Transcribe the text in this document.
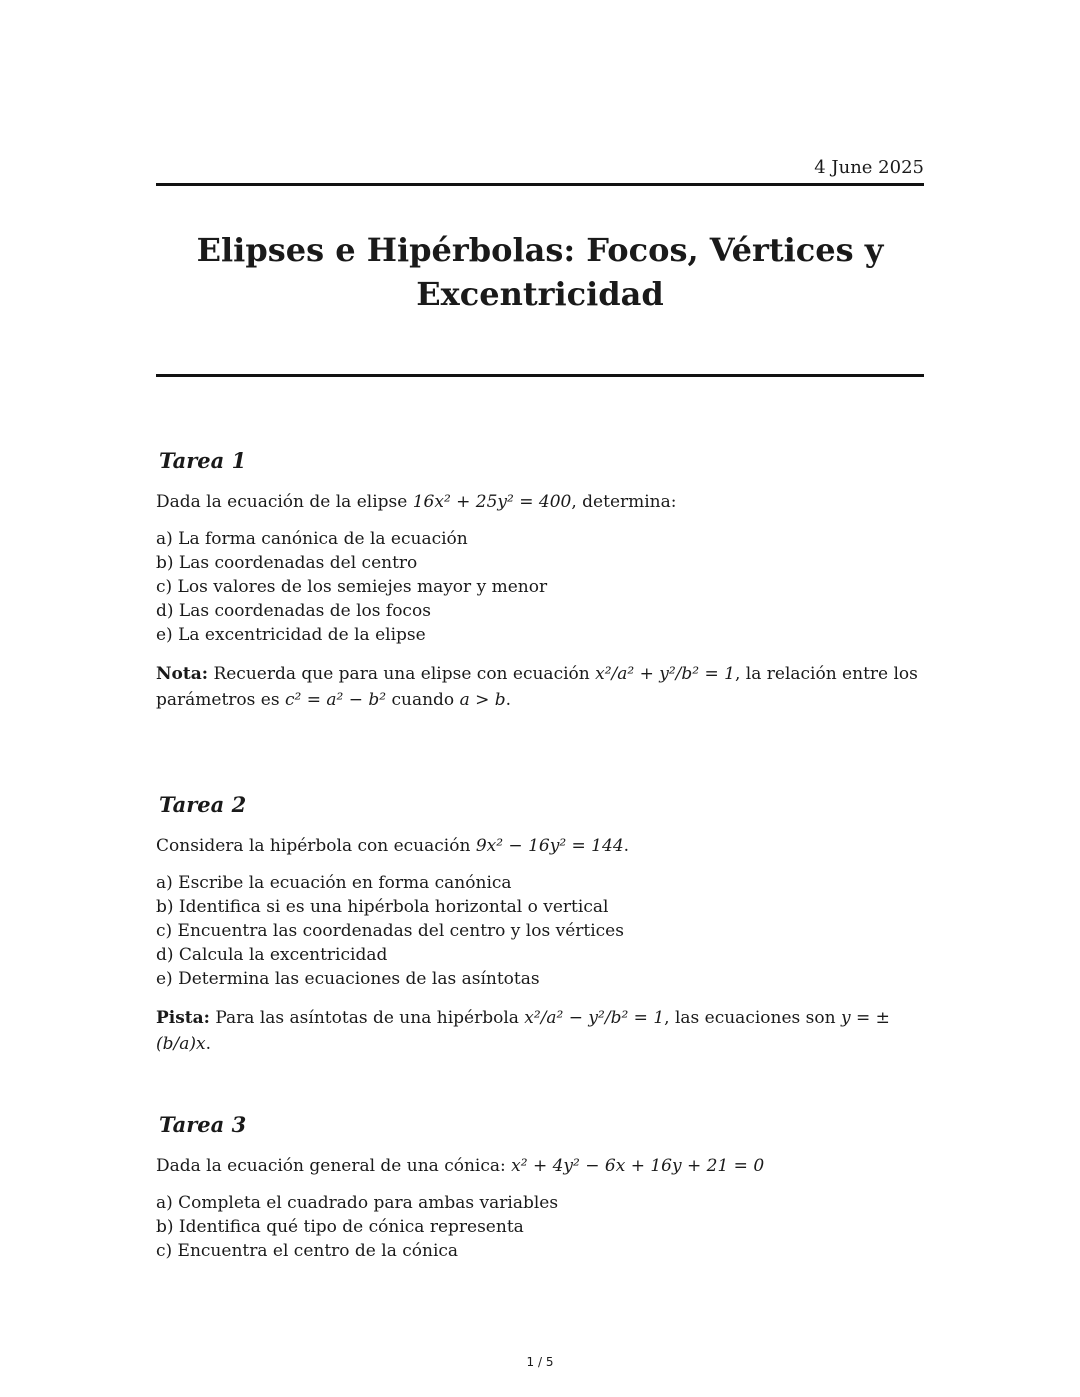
4 June 2025
Elipses e Hipérbolas: Focos, Vértices y
Excentricidad
Tarea 1

Dada la ecuación de la elipse 16x² + 25y² = 400, determina:

a) La forma canónica de la ecuación
b) Las coordenadas del centro
c) Los valores de los semiejes mayor y menor
d) Las coordenadas de los focos
e) La excentricidad de la elipse

Nota: Recuerda que para una elipse con ecuación x²/a² + y²/b² = 1, la relación entre los parámetros es c² = a² − b² cuando a > b.

Tarea 2

Considera la hipérbola con ecuación 9x² − 16y² = 144.

a) Escribe la ecuación en forma canónica
b) Identifica si es una hipérbola horizontal o vertical
c) Encuentra las coordenadas del centro y los vértices
d) Calcula la excentricidad
e) Determina las ecuaciones de las asíntotas

Pista: Para las asíntotas de una hipérbola x²/a² − y²/b² = 1, las ecuaciones son y = ±(b/a)x.

Tarea 3

Dada la ecuación general de una cónica: x² + 4y² − 6x + 16y + 21 = 0

a) Completa el cuadrado para ambas variables
b) Identifica qué tipo de cónica representa
c) Encuentra el centro de la cónica
1 / 5
